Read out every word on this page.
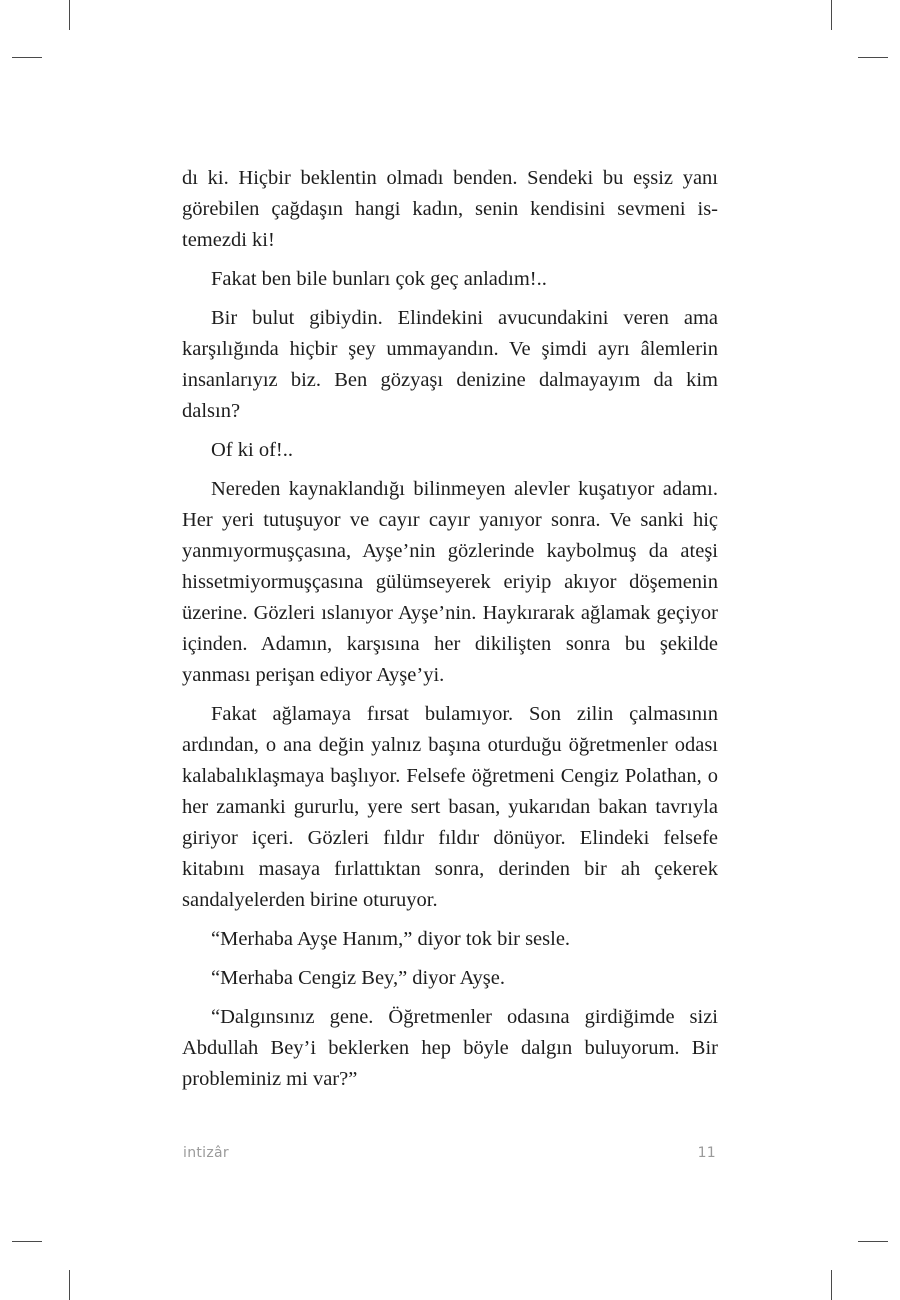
dı ki. Hiçbir beklentin olmadı benden. Sendeki bu eşsiz yanı görebilen çağdaşın hangi kadın, senin kendisini sevmeni istemezdi ki!

Fakat ben bile bunları çok geç anladım!..

Bir bulut gibiydin. Elindekini avucundakini veren ama karşılığında hiçbir şey ummayandın. Ve şimdi ayrı âlemlerin insanlarıyız biz. Ben gözyaşı denizine dalmayayım da kim dalsın?

Of ki of!..

Nereden kaynaklandığı bilinmeyen alevler kuşatıyor adamı. Her yeri tutuşuyor ve cayır cayır yanıyor sonra. Ve sanki hiç yanmıyormuşçasına, Ayşe’nin gözlerinde kaybolmuş da ateşi hissetmiyormuşçasına gülümseyerek eriyip akıyor döşemenin üzerine. Gözleri ıslanıyor Ayşe’nin. Haykırarak ağlamak geçiyor içinden. Adamın, karşısına her dikilişten sonra bu şekilde yanması perişan ediyor Ayşe’yi.

Fakat ağlamaya fırsat bulamıyor. Son zilin çalmasının ardından, o ana değin yalnız başına oturduğu öğretmenler odası kalabalıklaşmaya başlıyor. Felsefe öğretmeni Cengiz Polathan, o her zamanki gururlu, yere sert basan, yukarıdan bakan tavrıyla giriyor içeri. Gözleri fıldır fıldır dönüyor. Elindeki felsefe kitabını masaya fırlattıktan sonra, derinden bir ah çekerek sandalyelerden birine oturuyor.

“Merhaba Ayşe Hanım,” diyor tok bir sesle.

“Merhaba Cengiz Bey,” diyor Ayşe.

“Dalgınsınız gene. Öğretmenler odasına girdiğimde sizi Abdullah Bey’i beklerken hep böyle dalgın buluyorum. Bir probleminiz mi var?”

intizâr	11
